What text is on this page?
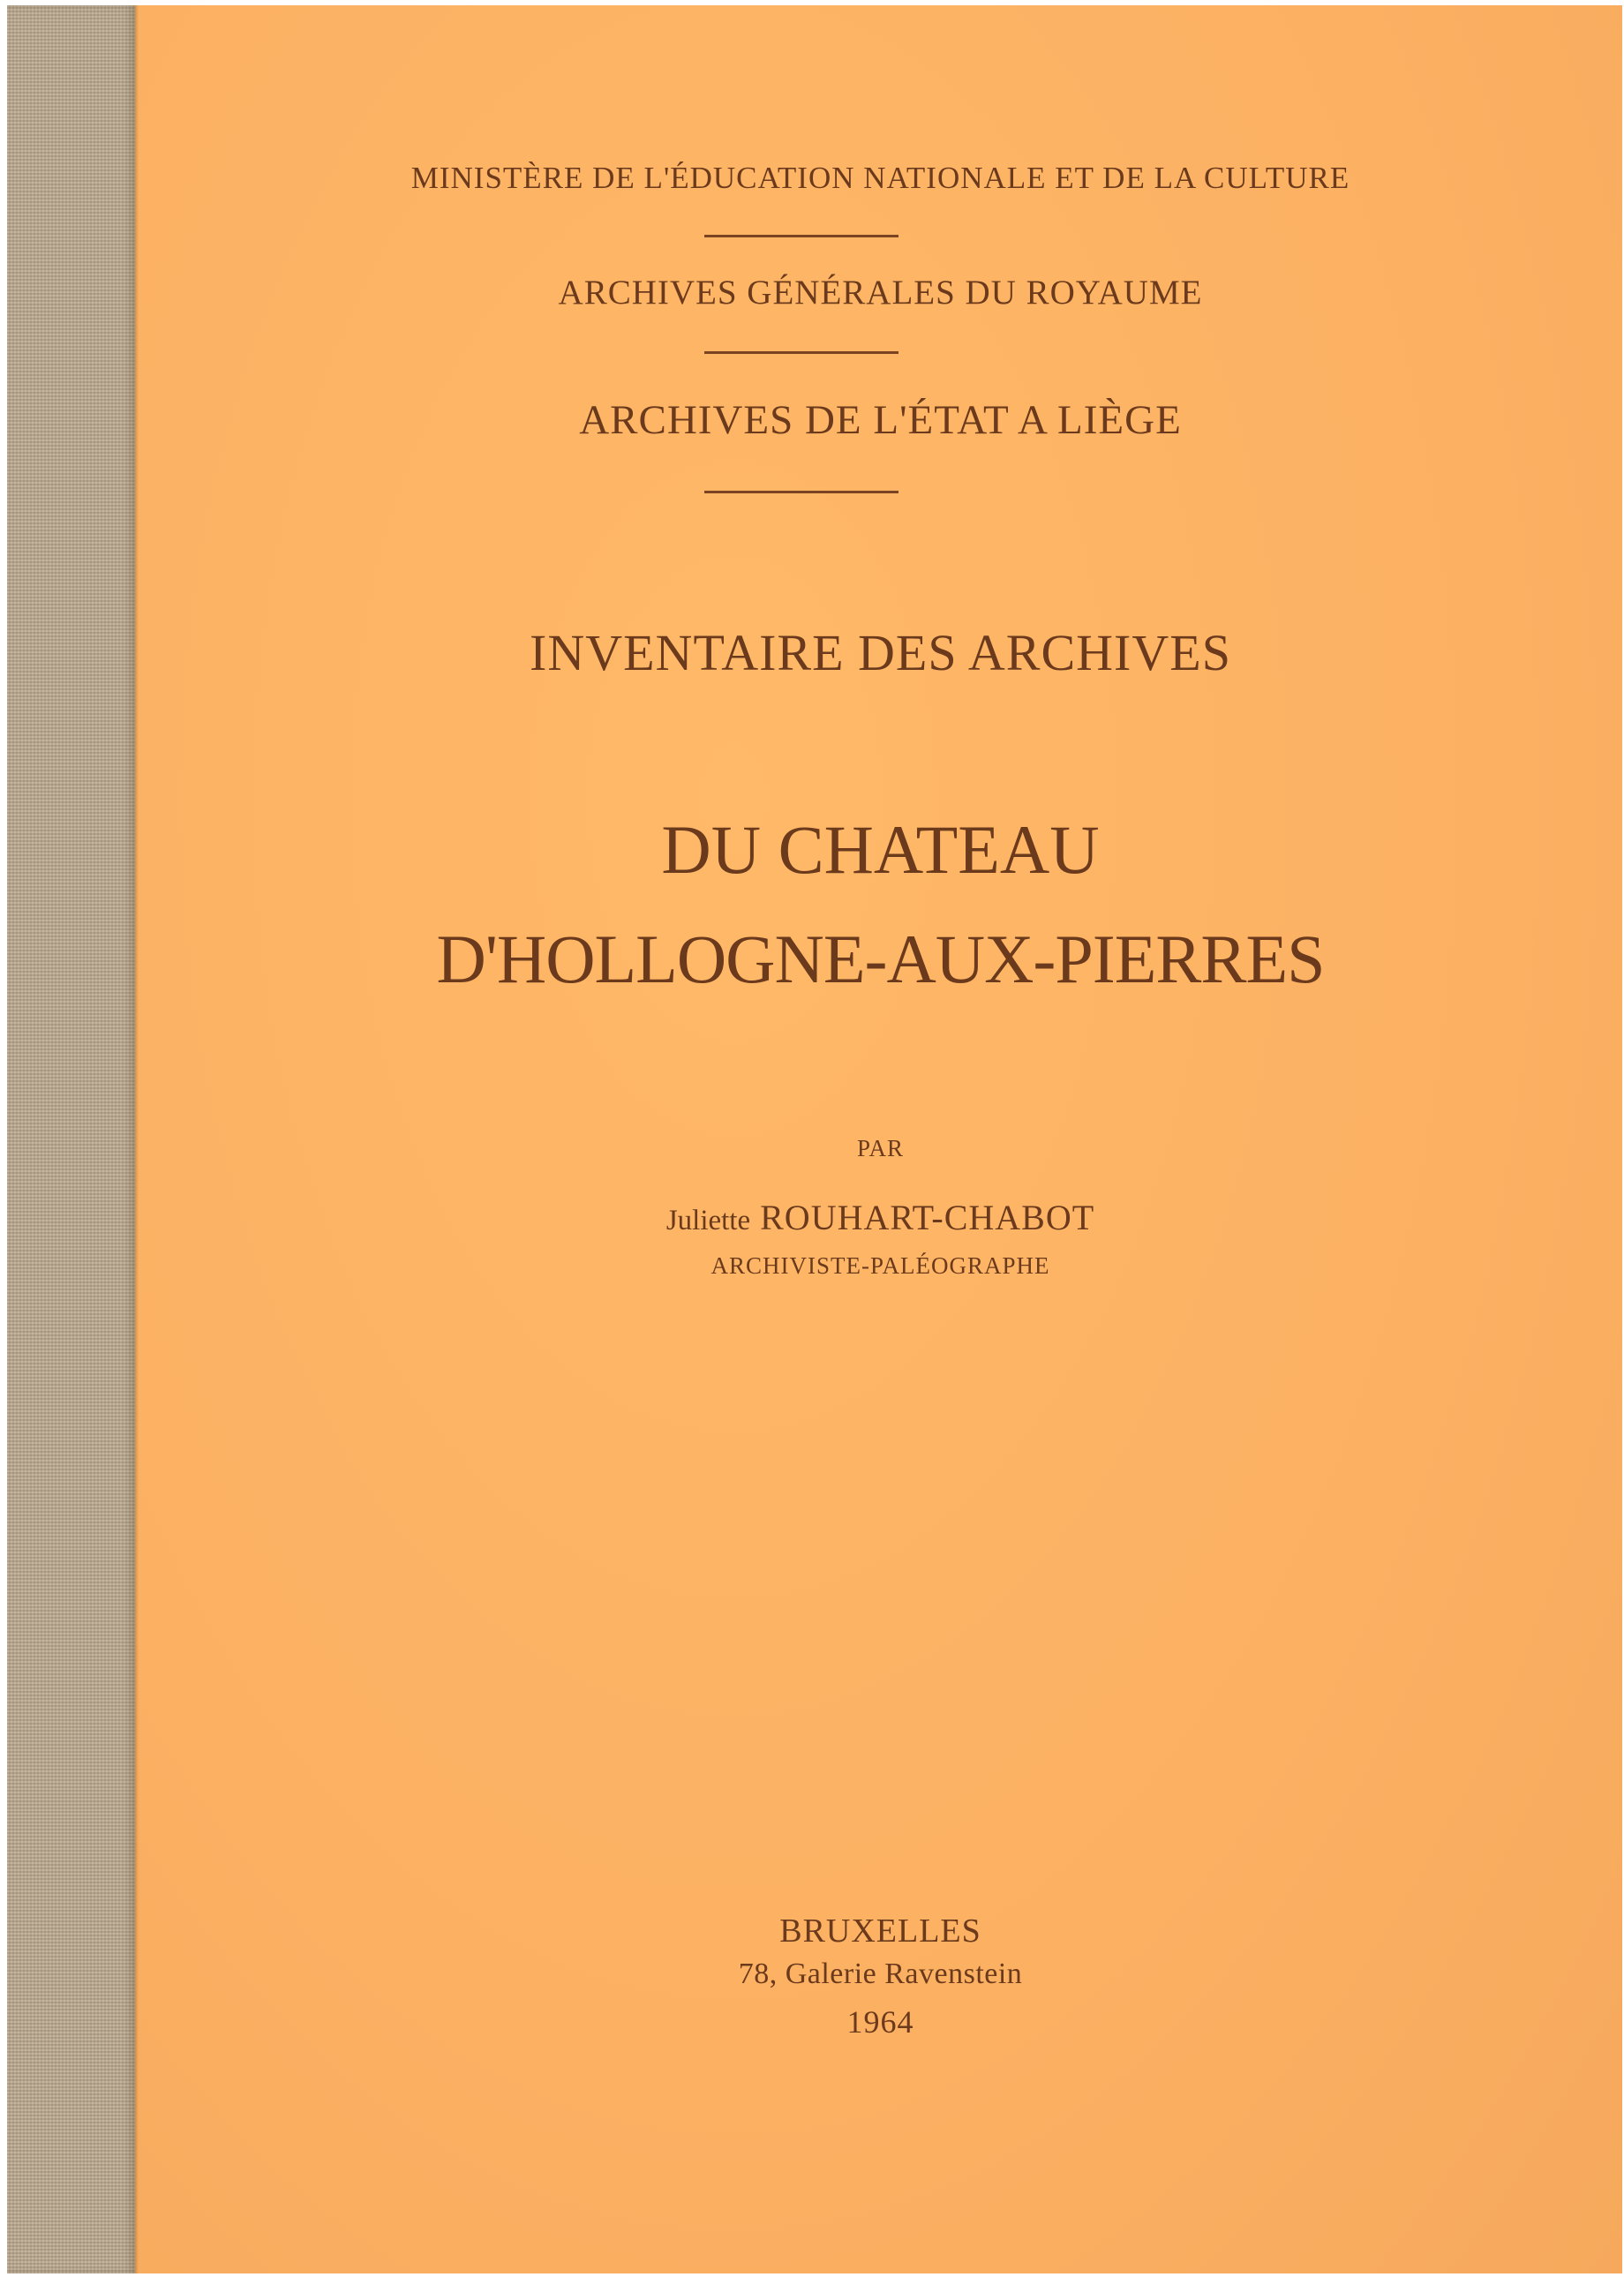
MINISTÈRE DE L'ÉDUCATION NATIONALE ET DE LA CULTURE
ARCHIVES GÉNÉRALES DU ROYAUME
ARCHIVES DE L'ÉTAT A LIÈGE
INVENTAIRE DES ARCHIVES
DU CHATEAU
D'HOLLOGNE-AUX-PIERRES
PAR
Juliette ROUHART-CHABOT
ARCHIVISTE-PALÉOGRAPHE
BRUXELLES
78, Galerie Ravenstein
1964
